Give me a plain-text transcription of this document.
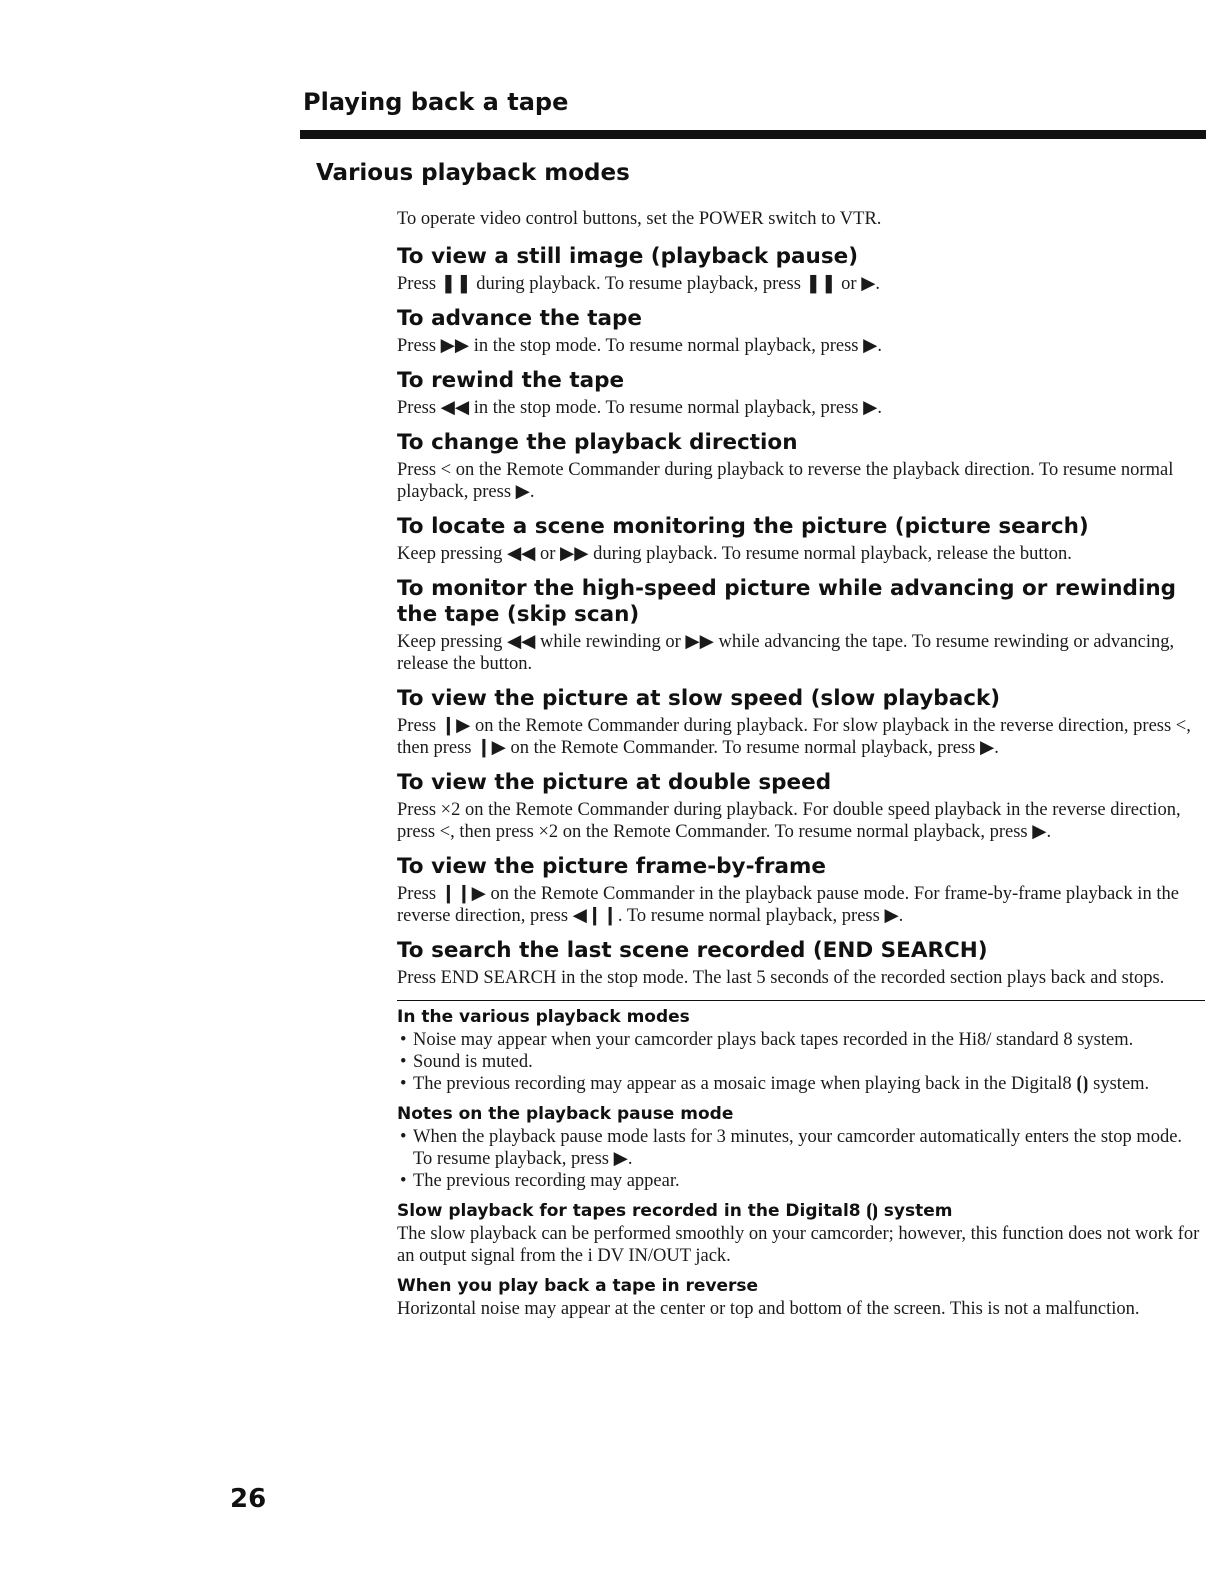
Playing back a tape
Various playback modes

To operate video control buttons, set the POWER switch to VTR.

To view a still image (playback pause)

Press ❚❚ during playback. To resume playback, press ❚❚ or ▶.

To advance the tape

Press ▶▶ in the stop mode. To resume normal playback, press ▶.

To rewind the tape

Press ◀◀ in the stop mode. To resume normal playback, press ▶.

To change the playback direction

Press < on the Remote Commander during playback to reverse the playback direction. To resume normal playback, press ▶.

To locate a scene monitoring the picture (picture search)

Keep pressing ◀◀ or ▶▶ during playback. To resume normal playback, release the button.

To monitor the high-speed picture while advancing or rewinding the tape (skip scan)

Keep pressing ◀◀ while rewinding or ▶▶ while advancing the tape. To resume rewinding or advancing, release the button.

To view the picture at slow speed (slow playback)

Press ❙▶ on the Remote Commander during playback. For slow playback in the reverse direction, press <, then press ❙▶ on the Remote Commander. To resume normal playback, press ▶.

To view the picture at double speed

Press ×2 on the Remote Commander during playback. For double speed playback in the reverse direction, press <, then press ×2 on the Remote Commander. To resume normal playback, press ▶.

To view the picture frame-by-frame

Press ❙❙▶ on the Remote Commander in the playback pause mode. For frame-by-frame playback in the reverse direction, press ◀❙❙. To resume normal playback, press ▶.

To search the last scene recorded (END SEARCH)

Press END SEARCH in the stop mode. The last 5 seconds of the recorded section plays back and stops.

In the various playback modes
• Noise may appear when your camcorder plays back tapes recorded in the Hi8/ standard 8 system.
• Sound is muted.
• The previous recording may appear as a mosaic image when playing back in the Digital8 ⦗⦘ system.
Notes on the playback pause mode
• When the playback pause mode lasts for 3 minutes, your camcorder automatically enters the stop mode. To resume playback, press ▶.
• The previous recording may appear.
Slow playback for tapes recorded in the Digital8 ⦗⦘ system

The slow playback can be performed smoothly on your camcorder; however, this function does not work for an output signal from the i DV IN/OUT jack.

When you play back a tape in reverse

Horizontal noise may appear at the center or top and bottom of the screen. This is not a malfunction.

26
